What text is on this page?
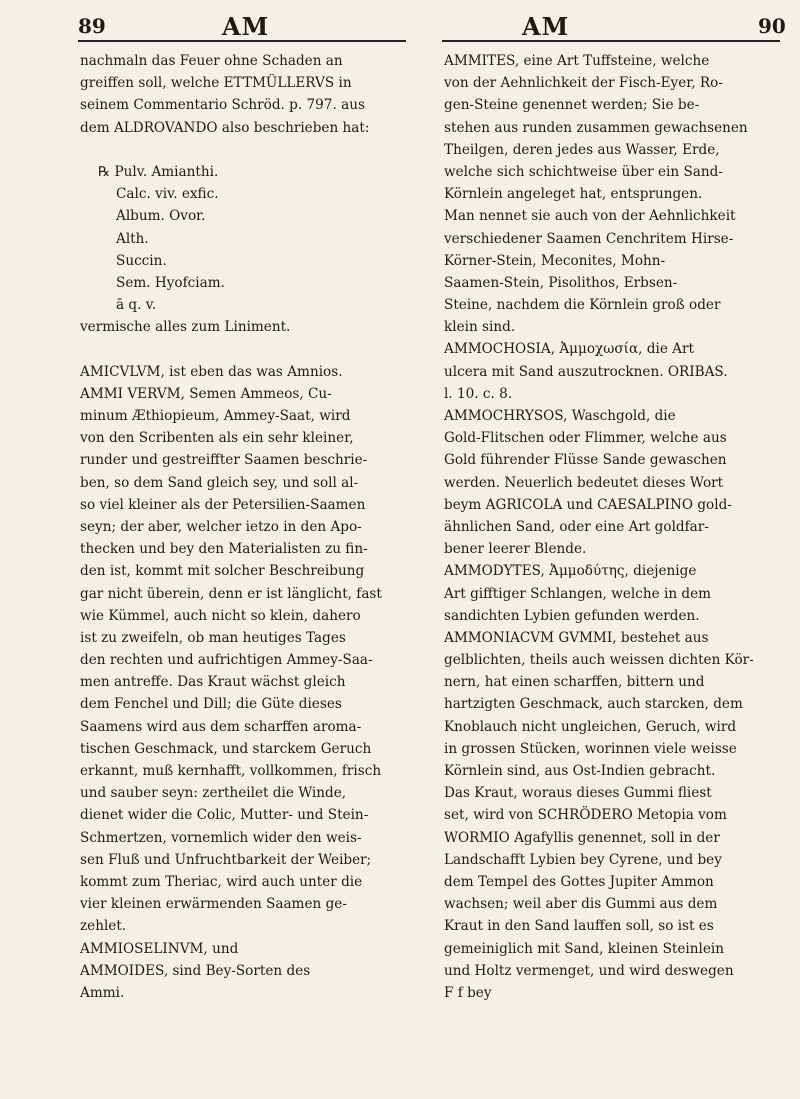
89	AM	AM	90
nachmaln das Feuer ohne Schaden an
greiffen soll, welche ETTMÜLLERVS in
seinem Commentario Schröd. p. 797. aus
dem ALDROVANDO also beschrieben hat:
℞ Pulv. Amianthi.
Calc. viv. exfic.
Album. Ovor.
Alth.
Succin.
Sem. Hyofciam.
ā q. v.
vermische alles zum Liniment.
AMICVLVM, ist eben das was Amnios.
AMMI VERVM, Semen Ammeos, Cu-
minum Æthiopieum, Ammey-Saat, wird
von den Scribenten als ein sehr kleiner,
runder und gestreiffter Saamen beschrie-
ben, so dem Sand gleich sey, und soll al-
so viel kleiner als der Petersilien-Saamen
seyn; der aber, welcher ietzo in den Apo-
thecken und bey den Materialisten zu fin-
den ist, kommt mit solcher Beschreibung
gar nicht überein, denn er ist länglicht, fast
wie Kümmel, auch nicht so klein, dahero
ist zu zweifeln, ob man heutiges Tages
den rechten und aufrichtigen Ammey-Saa-
men antreffe. Das Kraut wächst gleich
dem Fenchel und Dill; die Güte dieses
Saamens wird aus dem scharffen aroma-
tischen Geschmack, und starckem Geruch
erkannt, muß kernhafft, vollkommen, frisch
und sauber seyn: zertheilet die Winde,
dienet wider die Colic, Mutter- und Stein-
Schmertzen, vornemlich wider den weis-
sen Fluß und Unfruchtbarkeit der Weiber;
kommt zum Theriac, wird auch unter die
vier kleinen erwärmenden Saamen ge-
zehlet.
AMMIOSELINVM, und
AMMOIDES, sind Bey-Sorten des
Ammi.
AMMITES, eine Art Tuffsteine, welche
von der Aehnlichkeit der Fisch-Eyer, Ro-
gen-Steine genennet werden; Sie be-
stehen aus runden zusammen gewachsenen
Theilgen, deren jedes aus Wasser, Erde,
welche sich schichtweise über ein Sand-
Körnlein angeleget hat, entsprungen.
Man nennet sie auch von der Aehnlichkeit
verschiedener Saamen Cenchritem Hirse-
Körner-Stein, Meconites, Mohn-
Saamen-Stein, Pisolithos, Erbsen-
Steine, nachdem die Körnlein groß oder
klein sind.
AMMOCHOSIA, Ἀμμοχωσία, die Art
ulcera mit Sand auszutrocknen. ORIBAS.
l. 10. c. 8.
AMMOCHRYSOS, Waschgold, die
Gold-Flitschen oder Flimmer, welche aus
Gold führender Flüsse Sande gewaschen
werden. Neuerlich bedeutet dieses Wort
beym AGRICOLA und CAESALPINO gold-
ähnlichen Sand, oder eine Art goldfar-
bener leerer Blende.
AMMODYTES, Ἀμμοδύτης, diejenige
Art gifftiger Schlangen, welche in dem
sandichten Lybien gefunden werden.
AMMONIACVM GVMMI, bestehet aus
gelblichten, theils auch weissen dichten Kör-
nern, hat einen scharffen, bittern und
hartzigten Geschmack, auch starcken, dem
Knoblauch nicht ungleichen, Geruch, wird
in grossen Stücken, worinnen viele weisse
Körnlein sind, aus Ost-Indien gebracht.
Das Kraut, woraus dieses Gummi fliest
set, wird von SCHRÖDERO Metopia vom
WORMIO Agafyllis genennet, soll in der
Landschafft Lybien bey Cyrene, und bey
dem Tempel des Gottes Jupiter Ammon
wachsen; weil aber dis Gummi aus dem
Kraut in den Sand lauffen soll, so ist es
gemeiniglich mit Sand, kleinen Steinlein
und Holtz vermenget, und wird deswegen
F f bey
